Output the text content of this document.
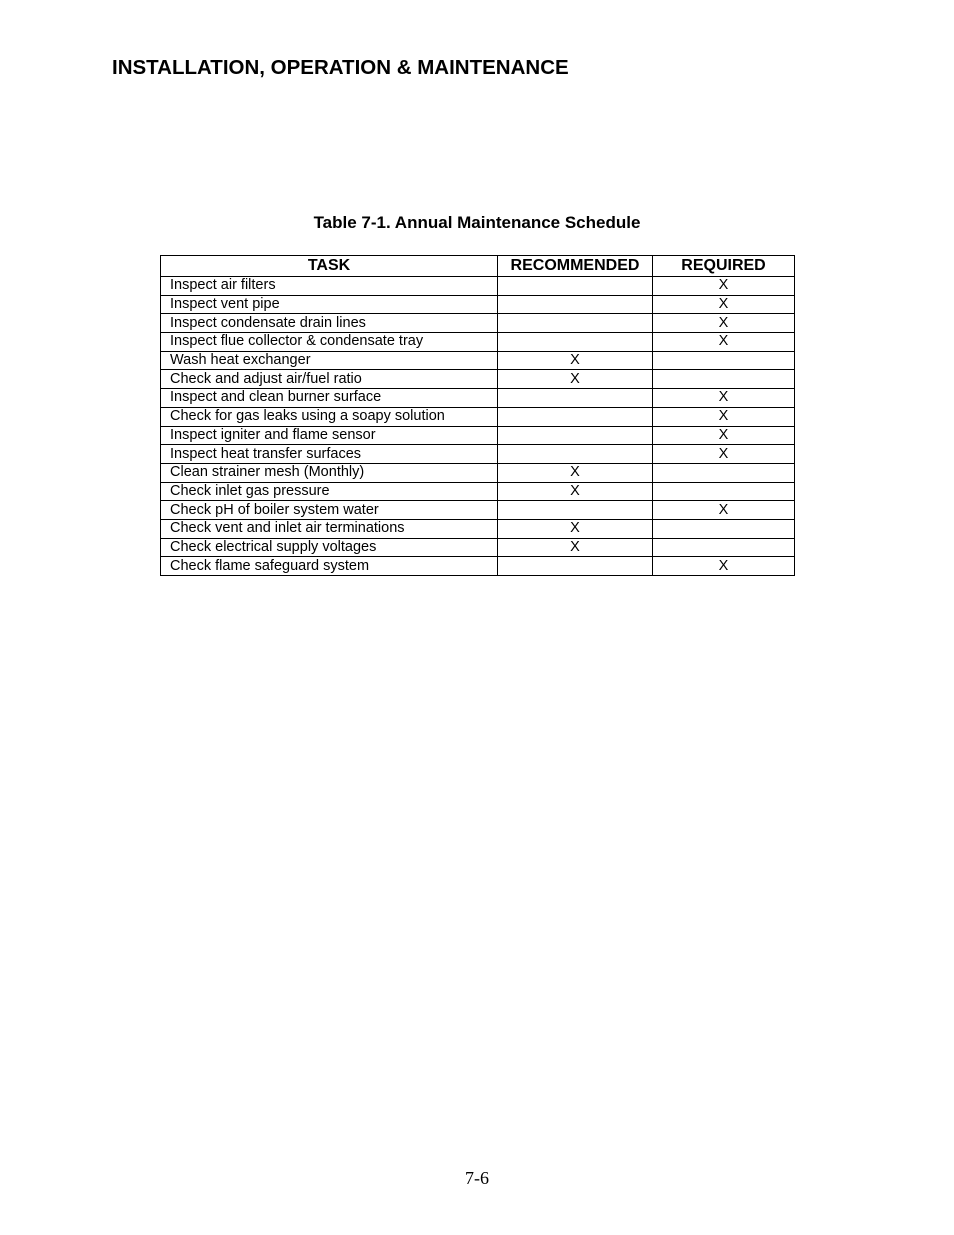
INSTALLATION, OPERATION & MAINTENANCE
Table 7-1. Annual Maintenance Schedule
TASK	RECOMMENDED	REQUIRED
Inspect air filters		X
Inspect vent pipe		X
Inspect condensate drain lines		X
Inspect flue collector & condensate tray		X
Wash heat exchanger	X	
Check and adjust air/fuel ratio	X	
Inspect and clean burner surface		X
Check for gas leaks using a soapy solution		X
Inspect igniter and flame sensor		X
Inspect heat transfer surfaces		X
Clean strainer mesh (Monthly)	X	
Check inlet gas pressure	X	
Check pH of boiler system water		X
Check vent and inlet air terminations	X	
Check electrical supply voltages	X	
Check flame safeguard system		X
7-6
